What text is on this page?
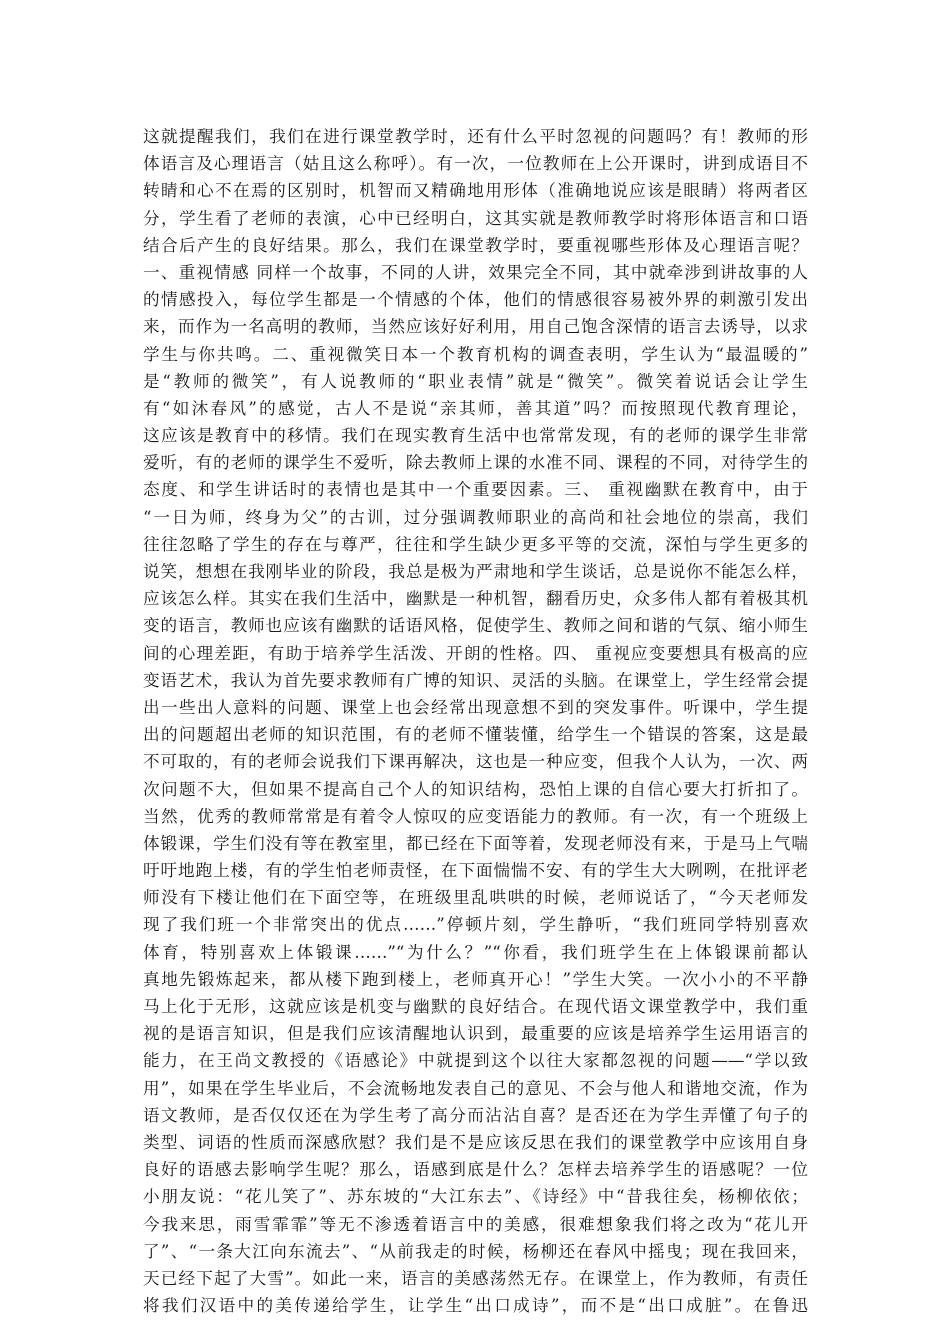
这就提醒我们，我们在进行课堂教学时，还有什么平时忽视的问题吗？有！教师的形
体语言及心理语言（姑且这么称呼）。有一次，一位教师在上公开课时，讲到成语目不
转睛和心不在焉的区别时，机智而又精确地用形体（准确地说应该是眼睛）将两者区
分，学生看了老师的表演，心中已经明白，这其实就是教师教学时将形体语言和口语
结合后产生的良好结果。那么，我们在课堂教学时，要重视哪些形体及心理语言呢？
一、重视情感 同样一个故事，不同的人讲，效果完全不同，其中就牵涉到讲故事的人
的情感投入，每位学生都是一个情感的个体，他们的情感很容易被外界的刺激引发出
来，而作为一名高明的教师，当然应该好好利用，用自己饱含深情的语言去诱导，以求
学生与你共鸣。二、重视微笑日本一个教育机构的调查表明，学生认为“最温暖的”
是“教师的微笑”，有人说教师的“职业表情”就是“微笑”。微笑着说话会让学生
有“如沐春风”的感觉，古人不是说“亲其师，善其道”吗？而按照现代教育理论，
这应该是教育中的移情。我们在现实教育生活中也常常发现，有的老师的课学生非常
爱听，有的老师的课学生不爱听，除去教师上课的水准不同、课程的不同，对待学生的
态度、和学生讲话时的表情也是其中一个重要因素。三、 重视幽默在教育中，由于
“一日为师，终身为父”的古训，过分强调教师职业的高尚和社会地位的崇高，我们
往往忽略了学生的存在与尊严，往往和学生缺少更多平等的交流，深怕与学生更多的
说笑，想想在我刚毕业的阶段，我总是极为严肃地和学生谈话，总是说你不能怎么样，
应该怎么样。其实在我们生活中，幽默是一种机智，翻看历史，众多伟人都有着极其机
变的语言，教师也应该有幽默的话语风格，促使学生、教师之间和谐的气氛、缩小师生
间的心理差距，有助于培养学生活泼、开朗的性格。四、 重视应变要想具有极高的应
变语艺术，我认为首先要求教师有广博的知识、灵活的头脑。在课堂上，学生经常会提
出一些出人意料的问题、课堂上也会经常出现意想不到的突发事件。听课中，学生提
出的问题超出老师的知识范围，有的老师不懂装懂，给学生一个错误的答案，这是最
不可取的，有的老师会说我们下课再解决，这也是一种应变，但我个人认为，一次、两
次问题不大，但如果不提高自己个人的知识结构，恐怕上课的自信心要大打折扣了。
当然，优秀的教师常常是有着令人惊叹的应变语能力的教师。有一次，有一个班级上
体锻课，学生们没有等在教室里，都已经在下面等着，发现老师没有来，于是马上气喘
吁吁地跑上楼，有的学生怕老师责怪，在下面惴惴不安、有的学生大大咧咧，在批评老
师没有下楼让他们在下面空等，在班级里乱哄哄的时候，老师说话了，“今天老师发
现了我们班一个非常突出的优点……”停顿片刻，学生静听，“我们班同学特别喜欢
体育，特别喜欢上体锻课……”“为什么？”“你看，我们班学生在上体锻课前都认
真地先锻炼起来，都从楼下跑到楼上，老师真开心！”学生大笑。一次小小的不平静
马上化于无形，这就应该是机变与幽默的良好结合。在现代语文课堂教学中，我们重
视的是语言知识，但是我们应该清醒地认识到，最重要的应该是培养学生运用语言的
能力，在王尚文教授的《语感论》中就提到这个以往大家都忽视的问题——“学以致
用”，如果在学生毕业后，不会流畅地发表自己的意见、不会与他人和谐地交流，作为
语文教师，是否仅仅还在为学生考了高分而沾沾自喜？是否还在为学生弄懂了句子的
类型、词语的性质而深感欣慰？我们是不是应该反思在我们的课堂教学中应该用自身
良好的语感去影响学生呢？那么，语感到底是什么？怎样去培养学生的语感呢？一位
小朋友说：“花儿笑了”、苏东坡的“大江东去”、《诗经》中“昔我往矣，杨柳依依；
今我来思，雨雪霏霏”等无不渗透着语言中的美感，很难想象我们将之改为“花儿开
了”、“一条大江向东流去”、“从前我走的时候，杨柳还在春风中摇曳；现在我回来，
天已经下起了大雪”。如此一来，语言的美感荡然无存。在课堂上，作为教师，有责任
将我们汉语中的美传递给学生，让学生“出口成诗”，而不是“出口成脏”。在鲁迅
